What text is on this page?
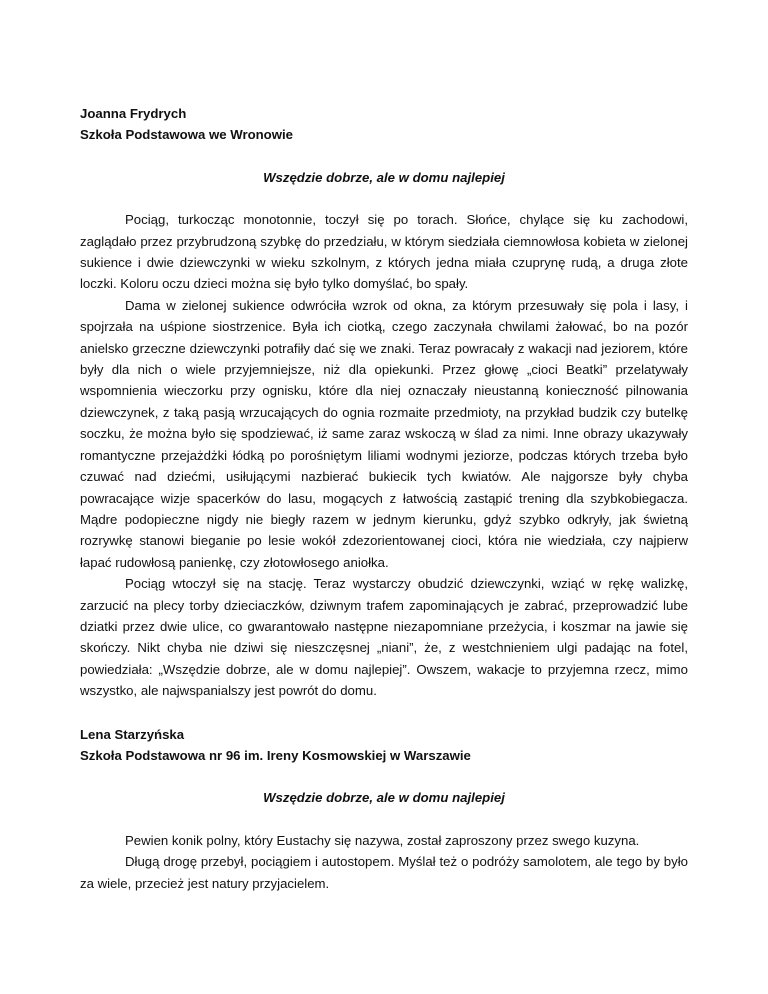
Joanna Frydrych

Szkoła Podstawowa we Wronowie

Wszędzie dobrze, ale w domu najlepiej

Pociąg, turkocząc monotonnie, toczył się po torach. Słońce, chylące się ku zachodowi, zaglądało przez przybrudzoną szybkę do przedziału, w którym siedziała ciemnowłosa kobieta w zielonej sukience i dwie dziewczynki w wieku szkolnym, z których jedna miała czuprynę rudą, a druga złote loczki. Koloru oczu dzieci można się było tylko domyślać, bo spały.

Dama w zielonej sukience odwróciła wzrok od okna, za którym przesuwały się pola i lasy, i spojrzała na uśpione siostrzenice. Była ich ciotką, czego zaczynała chwilami żałować, bo na pozór anielsko grzeczne dziewczynki potrafiły dać się we znaki. Teraz powracały z wakacji nad jeziorem, które były dla nich o wiele przyjemniejsze, niż dla opiekunki. Przez głowę „cioci Beatki” przelatywały wspomnienia wieczorku przy ognisku, które dla niej oznaczały nieustanną konieczność pilnowania dziewczynek, z taką pasją wrzucających do ognia rozmaite przedmioty, na przykład budzik czy butelkę soczku, że można było się spodziewać, iż same zaraz wskoczą w ślad za nimi. Inne obrazy ukazywały romantyczne przejażdżki łódką po porośniętym liliami wodnymi jeziorze, podczas których trzeba było czuwać nad dziećmi, usiłującymi nazbierać bukiecik tych kwiatów. Ale najgorsze były chyba powracające wizje spacerków do lasu, mogących z łatwością zastąpić trening dla szybkobiegacza. Mądre podopieczne nigdy nie biegły razem w jednym kierunku, gdyż szybko odkryły, jak świetną rozrywkę stanowi bieganie po lesie wokół zdezorientowanej cioci, która nie wiedziała, czy najpierw łapać rudowłosą panienkę, czy złotowłosego aniołka.

Pociąg wtoczył się na stację. Teraz wystarczy obudzić dziewczynki, wziąć w rękę walizkę, zarzucić na plecy torby dzieciaczków, dziwnym trafem zapominających je zabrać, przeprowadzić lube dziatki przez dwie ulice, co gwarantowało następne niezapomniane przeżycia, i koszmar na jawie się skończy. Nikt chyba nie dziwi się nieszczęsnej „niani”, że, z westchnieniem ulgi padając na fotel, powiedziała: „Wszędzie dobrze, ale w domu najlepiej”. Owszem, wakacje to przyjemna rzecz, mimo wszystko, ale najwspanialszy jest powrót do domu.

Lena Starzyńska

Szkoła Podstawowa nr 96 im. Ireny Kosmowskiej w Warszawie

Wszędzie dobrze, ale w domu najlepiej

Pewien konik polny, który Eustachy się nazywa, został zaproszony przez swego kuzyna.

Długą drogę przebył, pociągiem i autostopem. Myślał też o podróży samolotem, ale tego by było za wiele, przecież jest natury przyjacielem.
